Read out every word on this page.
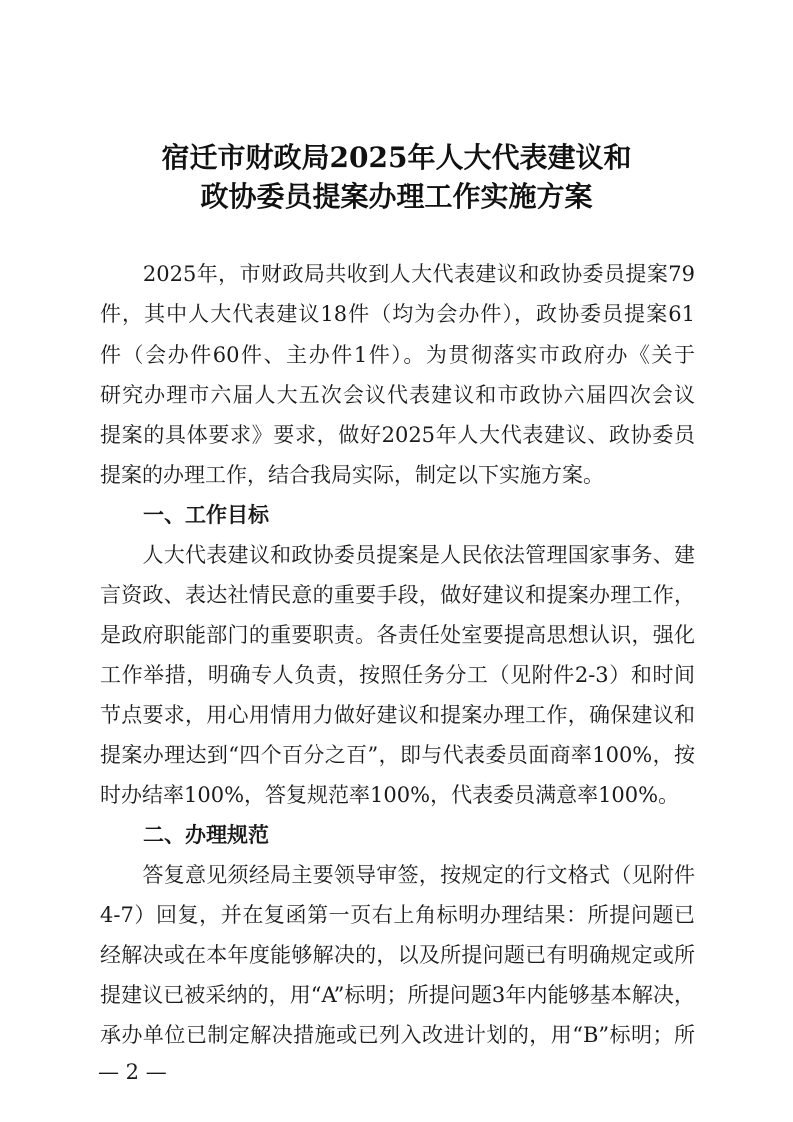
宿迁市财政局2025年人大代表建议和
政协委员提案办理工作实施方案
　　2025年，市财政局共收到人大代表建议和政协委员提案79
件，其中人大代表建议18件（均为会办件），政协委员提案61
件（会办件60件、主办件1件）。为贯彻落实市政府办《关于
研究办理市六届人大五次会议代表建议和市政协六届四次会议
提案的具体要求》要求，做好2025年人大代表建议、政协委员
提案的办理工作，结合我局实际，制定以下实施方案。
一、工作目标
　　人大代表建议和政协委员提案是人民依法管理国家事务、建
言资政、表达社情民意的重要手段，做好建议和提案办理工作，
是政府职能部门的重要职责。各责任处室要提高思想认识，强化
工作举措，明确专人负责，按照任务分工（见附件2-3）和时间
节点要求，用心用情用力做好建议和提案办理工作，确保建议和
提案办理达到“四个百分之百”，即与代表委员面商率100%，按
时办结率100%，答复规范率100%，代表委员满意率100%。
二、办理规范
　　答复意见须经局主要领导审签，按规定的行文格式（见附件
4-7）回复，并在复函第一页右上角标明办理结果：所提问题已
经解决或在本年度能够解决的，以及所提问题已有明确规定或所
提建议已被采纳的，用“A”标明；所提问题3年内能够基本解决，
承办单位已制定解决措施或已列入改进计划的，用“B”标明；所
— 2 —
